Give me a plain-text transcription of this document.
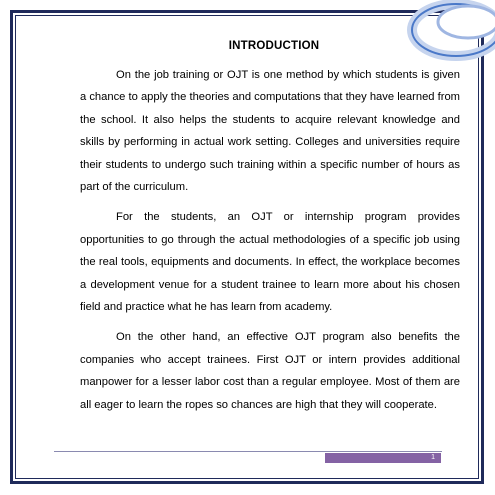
INTRODUCTION

On the job training or OJT is one method by which students is given a chance to apply the theories and computations that they have learned from the school. It also helps the students to acquire relevant knowledge and skills by performing in actual work setting. Colleges and universities require their students to undergo such training within a specific number of hours as part of the curriculum.

For the students, an OJT or internship program provides opportunities to go through the actual methodologies of a specific job using the real tools, equipments and documents. In effect, the workplace becomes a development venue for a student trainee to learn more about his chosen field and practice what he has learn from academy.

On the other hand, an effective OJT program also benefits the companies who accept trainees. First OJT or intern provides additional manpower for a lesser labor cost than a regular employee. Most of them are all eager to learn the ropes so chances are high that they will cooperate.

1
